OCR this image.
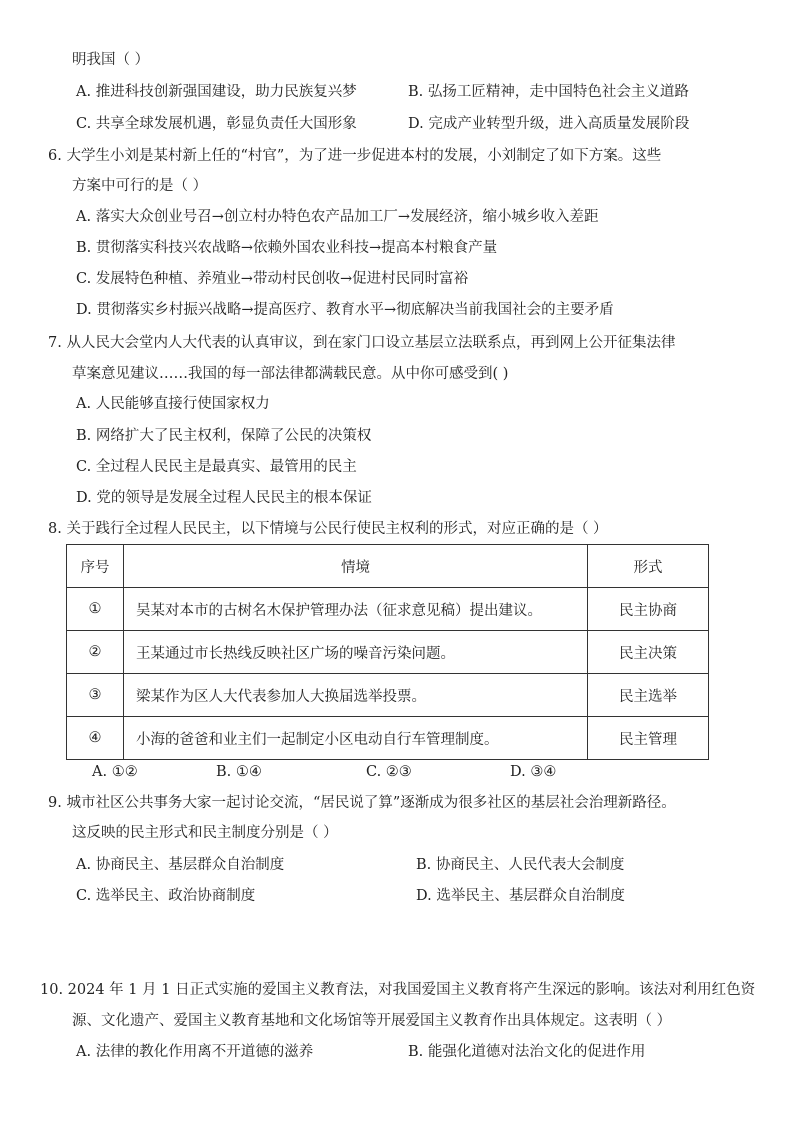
明我国（ ）
A. 推进科技创新强国建设，助力民族复兴梦	B. 弘扬工匠精神，走中国特色社会主义道路
C. 共享全球发展机遇，彰显负责任大国形象	D. 完成产业转型升级，进入高质量发展阶段
6. 大学生小刘是某村新上任的“村官”，为了进一步促进本村的发展，小刘制定了如下方案。这些
方案中可行的是（ ）
A. 落实大众创业号召→创立村办特色农产品加工厂→发展经济，缩小城乡收入差距
B. 贯彻落实科技兴农战略→依赖外国农业科技→提高本村粮食产量
C. 发展特色种植、养殖业→带动村民创收→促进村民同时富裕
D. 贯彻落实乡村振兴战略→提高医疗、教育水平→彻底解决当前我国社会的主要矛盾
7. 从人民大会堂内人大代表的认真审议，到在家门口设立基层立法联系点，再到网上公开征集法律
草案意见建议……我国的每一部法律都满载民意。从中你可感受到( )
A. 人民能够直接行使国家权力
B. 网络扩大了民主权利，保障了公民的决策权
C. 全过程人民民主是最真实、最管用的民主
D. 党的领导是发展全过程人民民主的根本保证
8. 关于践行全过程人民民主，以下情境与公民行使民主权利的形式，对应正确的是（ ）
序号	情境	形式
①	吴某对本市的古树名木保护管理办法（征求意见稿）提出建议。	民主协商
②	王某通过市长热线反映社区广场的噪音污染问题。	民主决策
③	梁某作为区人大代表参加人大换届选举投票。	民主选举
④	小海的爸爸和业主们一起制定小区电动自行车管理制度。	民主管理
A. ①②	B. ①④	C. ②③	D. ③④
9. 城市社区公共事务大家一起讨论交流，“居民说了算”逐渐成为很多社区的基层社会治理新路径。
这反映的民主形式和民主制度分别是（ ）
A. 协商民主、基层群众自治制度	B. 协商民主、人民代表大会制度
C. 选举民主、政治协商制度	D. 选举民主、基层群众自治制度
10. 2024 年 1 月 1 日正式实施的爱国主义教育法，对我国爱国主义教育将产生深远的影响。该法对利用红色资
源、文化遗产、爱国主义教育基地和文化场馆等开展爱国主义教育作出具体规定。这表明（ ）
A. 法律的教化作用离不开道德的滋养	B. 能强化道德对法治文化的促进作用
